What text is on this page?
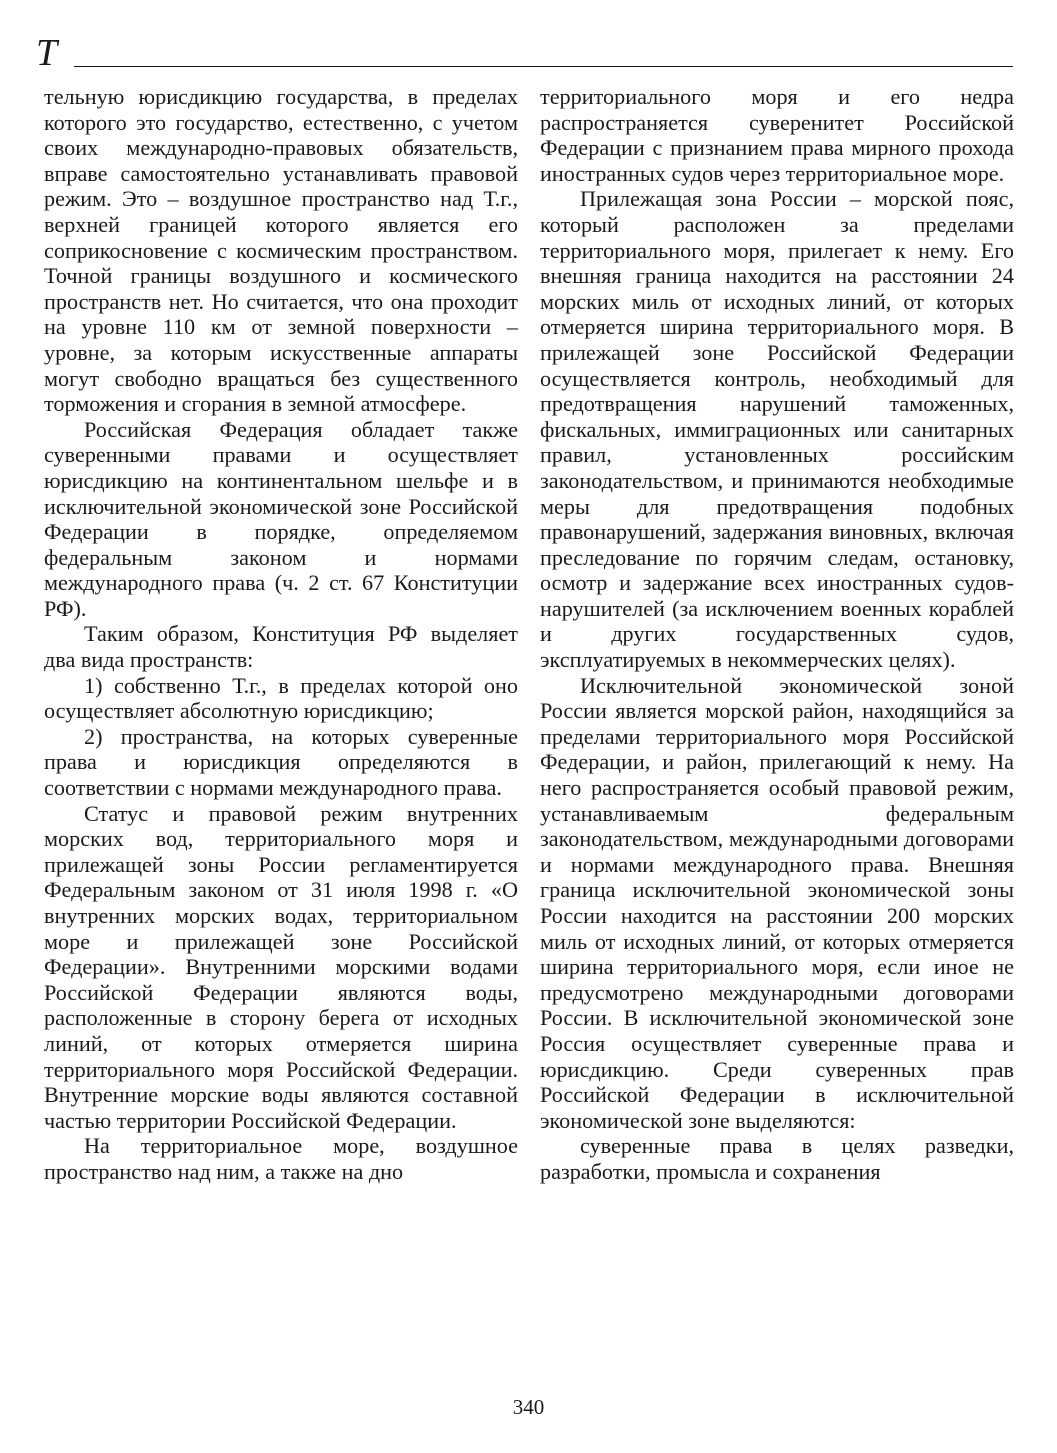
Т

тельную юрисдикцию государства, в пределах которого это государство, естественно, с учетом своих международно-правовых обязательств, вправе самостоятельно устанавливать правовой режим. Это – воздушное пространство над Т.г., верхней границей которого является его соприкосновение с космическим пространством. Точной границы воздушного и космического пространств нет. Но считается, что она проходит на уровне 110 км от земной поверхности – уровне, за которым искусственные аппараты могут свободно вращаться без существенного торможения и сгорания в земной атмосфере.

Российская Федерация обладает также суверенными правами и осуществляет юрисдикцию на континентальном шельфе и в исключительной экономической зоне Российской Федерации в порядке, определяемом федеральным законом и нормами международного права (ч. 2 ст. 67 Конституции РФ).

Таким образом, Конституция РФ выделяет два вида пространств:

1) собственно Т.г., в пределах которой оно осуществляет абсолютную юрисдикцию;

2) пространства, на которых суверенные права и юрисдикция определяются в соответствии с нормами международного права.

Статус и правовой режим внутренних морских вод, территориального моря и прилежащей зоны России регламентируется Федеральным законом от 31 июля 1998 г. «О внутренних морских водах, территориальном море и прилежащей зоне Российской Федерации». Внутренними морскими водами Российской Федерации являются воды, расположенные в сторону берега от исходных линий, от которых отмеряется ширина территориального моря Российской Федерации. Внутренние морские воды являются составной частью территории Российской Федерации.

На территориальное море, воздушное пространство над ним, а также на дно

территориального моря и его недра распространяется суверенитет Российской Федерации с признанием права мирного прохода иностранных судов через территориальное море.

Прилежащая зона России – морской пояс, который расположен за пределами территориального моря, прилегает к нему. Его внешняя граница находится на расстоянии 24 морских миль от исходных линий, от которых отмеряется ширина территориального моря. В прилежащей зоне Российской Федерации осуществляется контроль, необходимый для предотвращения нарушений таможенных, фискальных, иммиграционных или санитарных правил, установленных российским законодательством, и принимаются необходимые меры для предотвращения подобных правонарушений, задержания виновных, включая преследование по горячим следам, остановку, осмотр и задержание всех иностранных судов-нарушителей (за исключением военных кораблей и других государственных судов, эксплуатируемых в некоммерческих целях).

Исключительной экономической зоной России является морской район, находящийся за пределами территориального моря Российской Федерации, и район, прилегающий к нему. На него распространяется особый правовой режим, устанавливаемым федеральным законодательством, международными договорами и нормами международного права. Внешняя граница исключительной экономической зоны России находится на расстоянии 200 морских миль от исходных линий, от которых отмеряется ширина территориального моря, если иное не предусмотрено международными договорами России. В исключительной экономической зоне Россия осуществляет суверенные права и юрисдикцию. Среди суверенных прав Российской Федерации в исключительной экономической зоне выделяются:

суверенные права в целях разведки, разработки, промысла и сохранения

340
